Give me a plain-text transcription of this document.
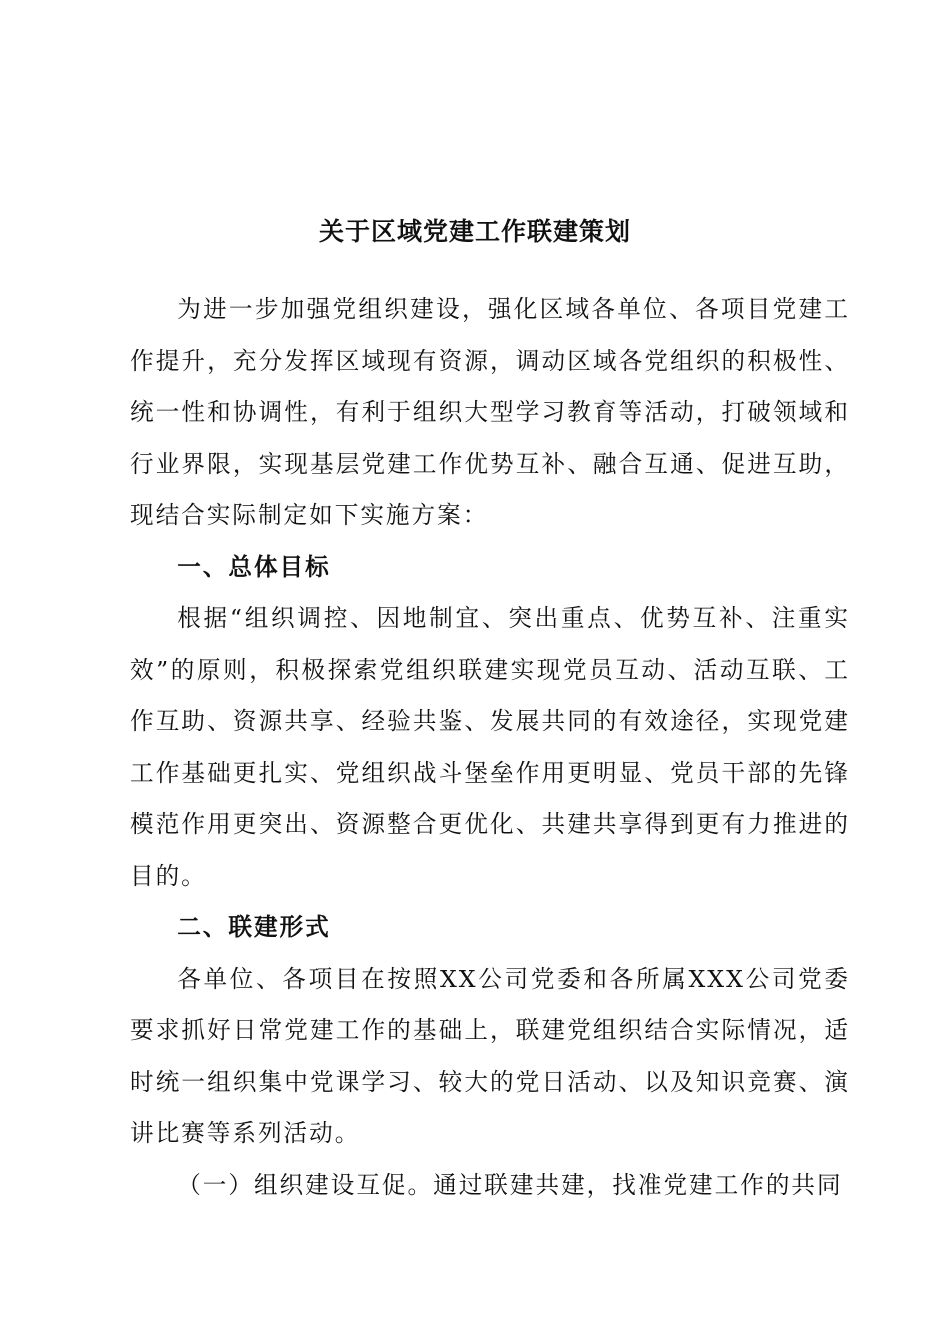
关于区域党建工作联建策划

为进一步加强党组织建设，强化区域各单位、各项目党建工作提升，充分发挥区域现有资源，调动区域各党组织的积极性、统一性和协调性，有利于组织大型学习教育等活动，打破领域和行业界限，实现基层党建工作优势互补、融合互通、促进互助，现结合实际制定如下实施方案：

一、总体目标

根据“组织调控、因地制宜、突出重点、优势互补、注重实效”的原则，积极探索党组织联建实现党员互动、活动互联、工作互助、资源共享、经验共鉴、发展共同的有效途径，实现党建工作基础更扎实、党组织战斗堡垒作用更明显、党员干部的先锋模范作用更突出、资源整合更优化、共建共享得到更有力推进的目的。

二、联建形式

各单位、各项目在按照XX公司党委和各所属XXX公司党委要求抓好日常党建工作的基础上，联建党组织结合实际情况，适时统一组织集中党课学习、较大的党日活动、以及知识竞赛、演讲比赛等系列活动。

（一）组织建设互促。通过联建共建，找准党建工作的共同
